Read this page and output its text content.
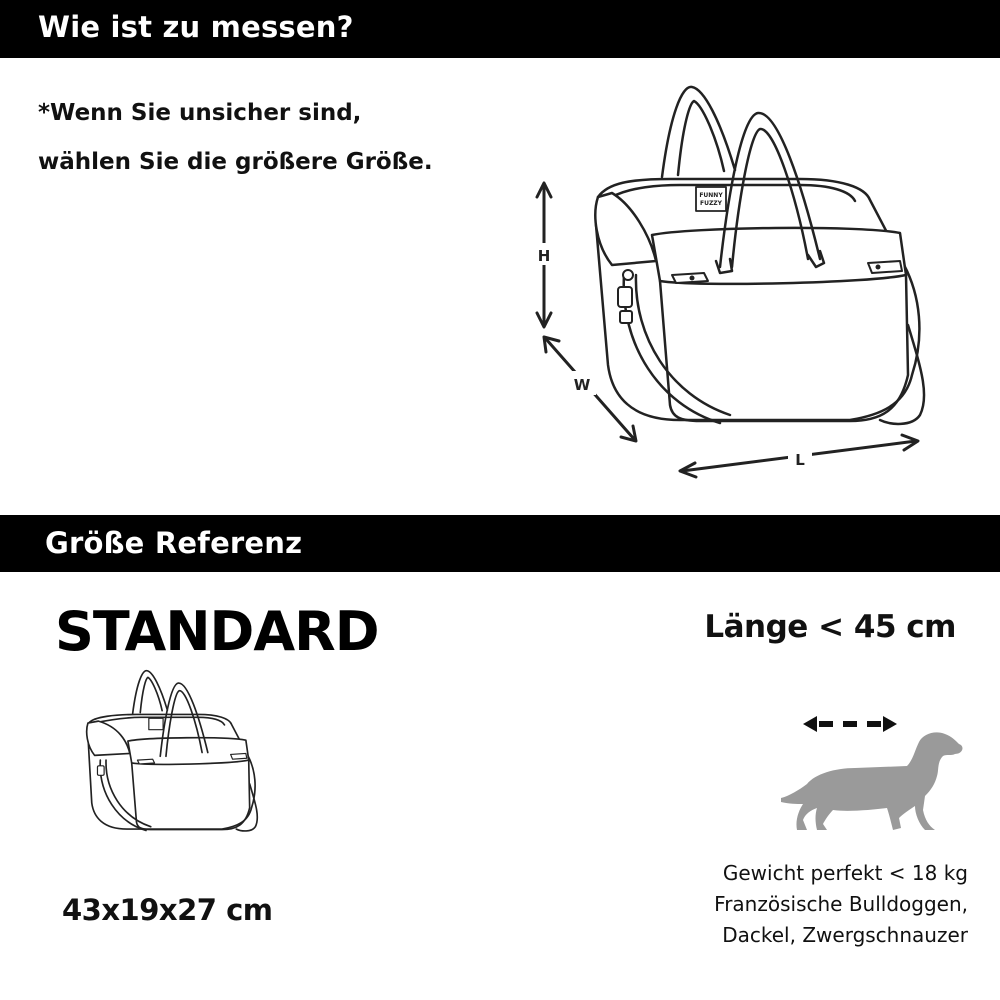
Wie ist zu messen?
*Wenn Sie unsicher sind,
wählen Sie die größere Größe.
FUNNY
FUZZY
H
W
L
Größe Referenz
STANDARD
43x19x27 cm
Länge < 45 cm
Gewicht perfekt < 18 kg
Französische Bulldoggen,
Dackel, Zwergschnauzer
